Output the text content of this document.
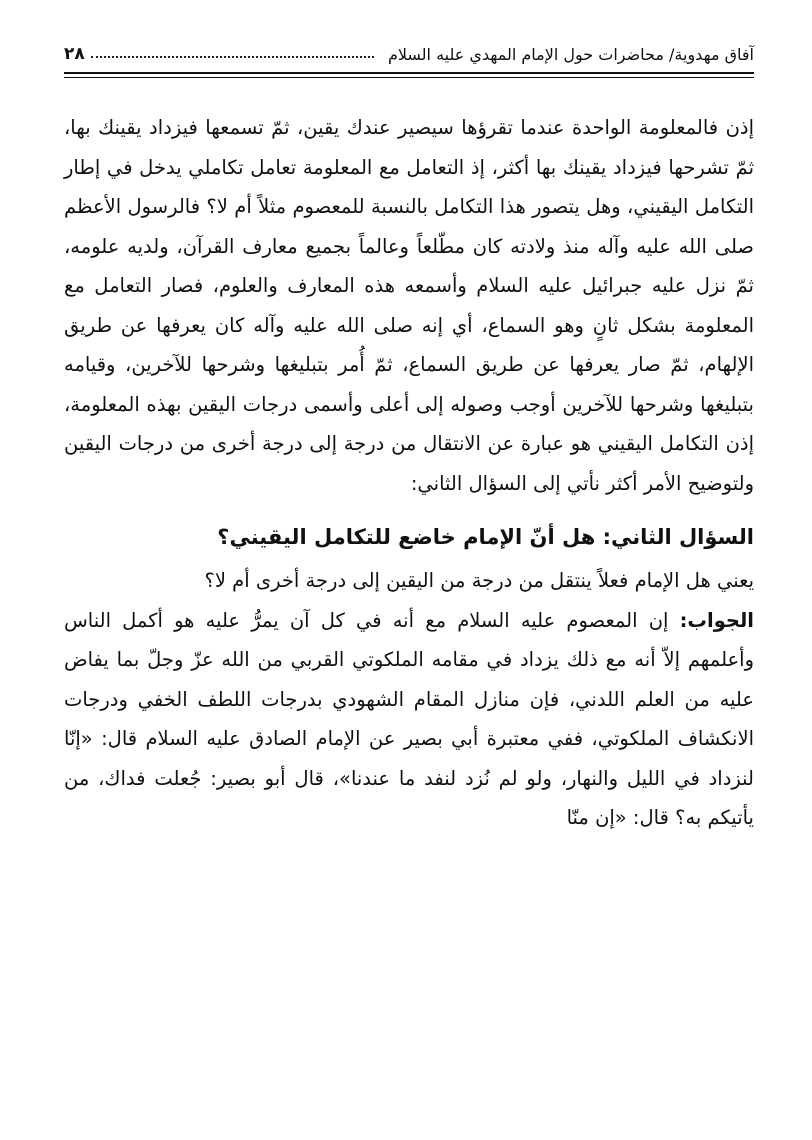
آفاق مهدوية/ محاضرات حول الإمام المهدي عليه السلام
٢٨

إذن فالمعلومة الواحدة عندما تقرؤها سيصير عندك يقين، ثمّ تسمعها فيزداد يقينك بها، ثمّ تشرحها فيزداد يقينك بها أكثر، إذ التعامل مع المعلومة تعامل تكاملي يدخل في إطار التكامل اليقيني، وهل يتصور هذا التكامل بالنسبة للمعصوم مثلاً أم لا؟ فالرسول الأعظم صلى الله عليه وآله منذ ولادته كان مطّلعاً وعالماً بجميع معارف القرآن، ولديه علومه، ثمّ نزل عليه جبرائيل عليه السلام وأسمعه هذه المعارف والعلوم، فصار التعامل مع المعلومة بشكل ثانٍ وهو السماع، أي إنه صلى الله عليه وآله كان يعرفها عن طريق الإلهام، ثمّ صار يعرفها عن طريق السماع، ثمّ أُمر بتبليغها وشرحها للآخرين، وقيامه بتبليغها وشرحها للآخرين أوجب وصوله إلى أعلى وأسمى درجات اليقين بهذه المعلومة، إذن التكامل اليقيني هو عبارة عن الانتقال من درجة إلى درجة أخرى من درجات اليقين ولتوضيح الأمر أكثر نأتي إلى السؤال الثاني:

السؤال الثاني: هل أنّ الإمام خاضع للتكامل اليقيني؟

يعني هل الإمام فعلاً ينتقل من درجة من اليقين إلى درجة أخرى أم لا؟

الجواب: إن المعصوم عليه السلام مع أنه في كل آن يمرُّ عليه هو أكمل الناس وأعلمهم إلاّ أنه مع ذلك يزداد في مقامه الملكوتي القربي من الله عزّ وجلّ بما يفاض عليه من العلم اللدني، فإن منازل المقام الشهودي بدرجات اللطف الخفي ودرجات الانكشاف الملكوتي، ففي معتبرة أبي بصير عن الإمام الصادق عليه السلام قال: «إنّا لنزداد في الليل والنهار، ولو لم نُزد لنفد ما عندنا»، قال أبو بصير: جُعلت فداك، من يأتيكم به؟ قال: «إن منّا
